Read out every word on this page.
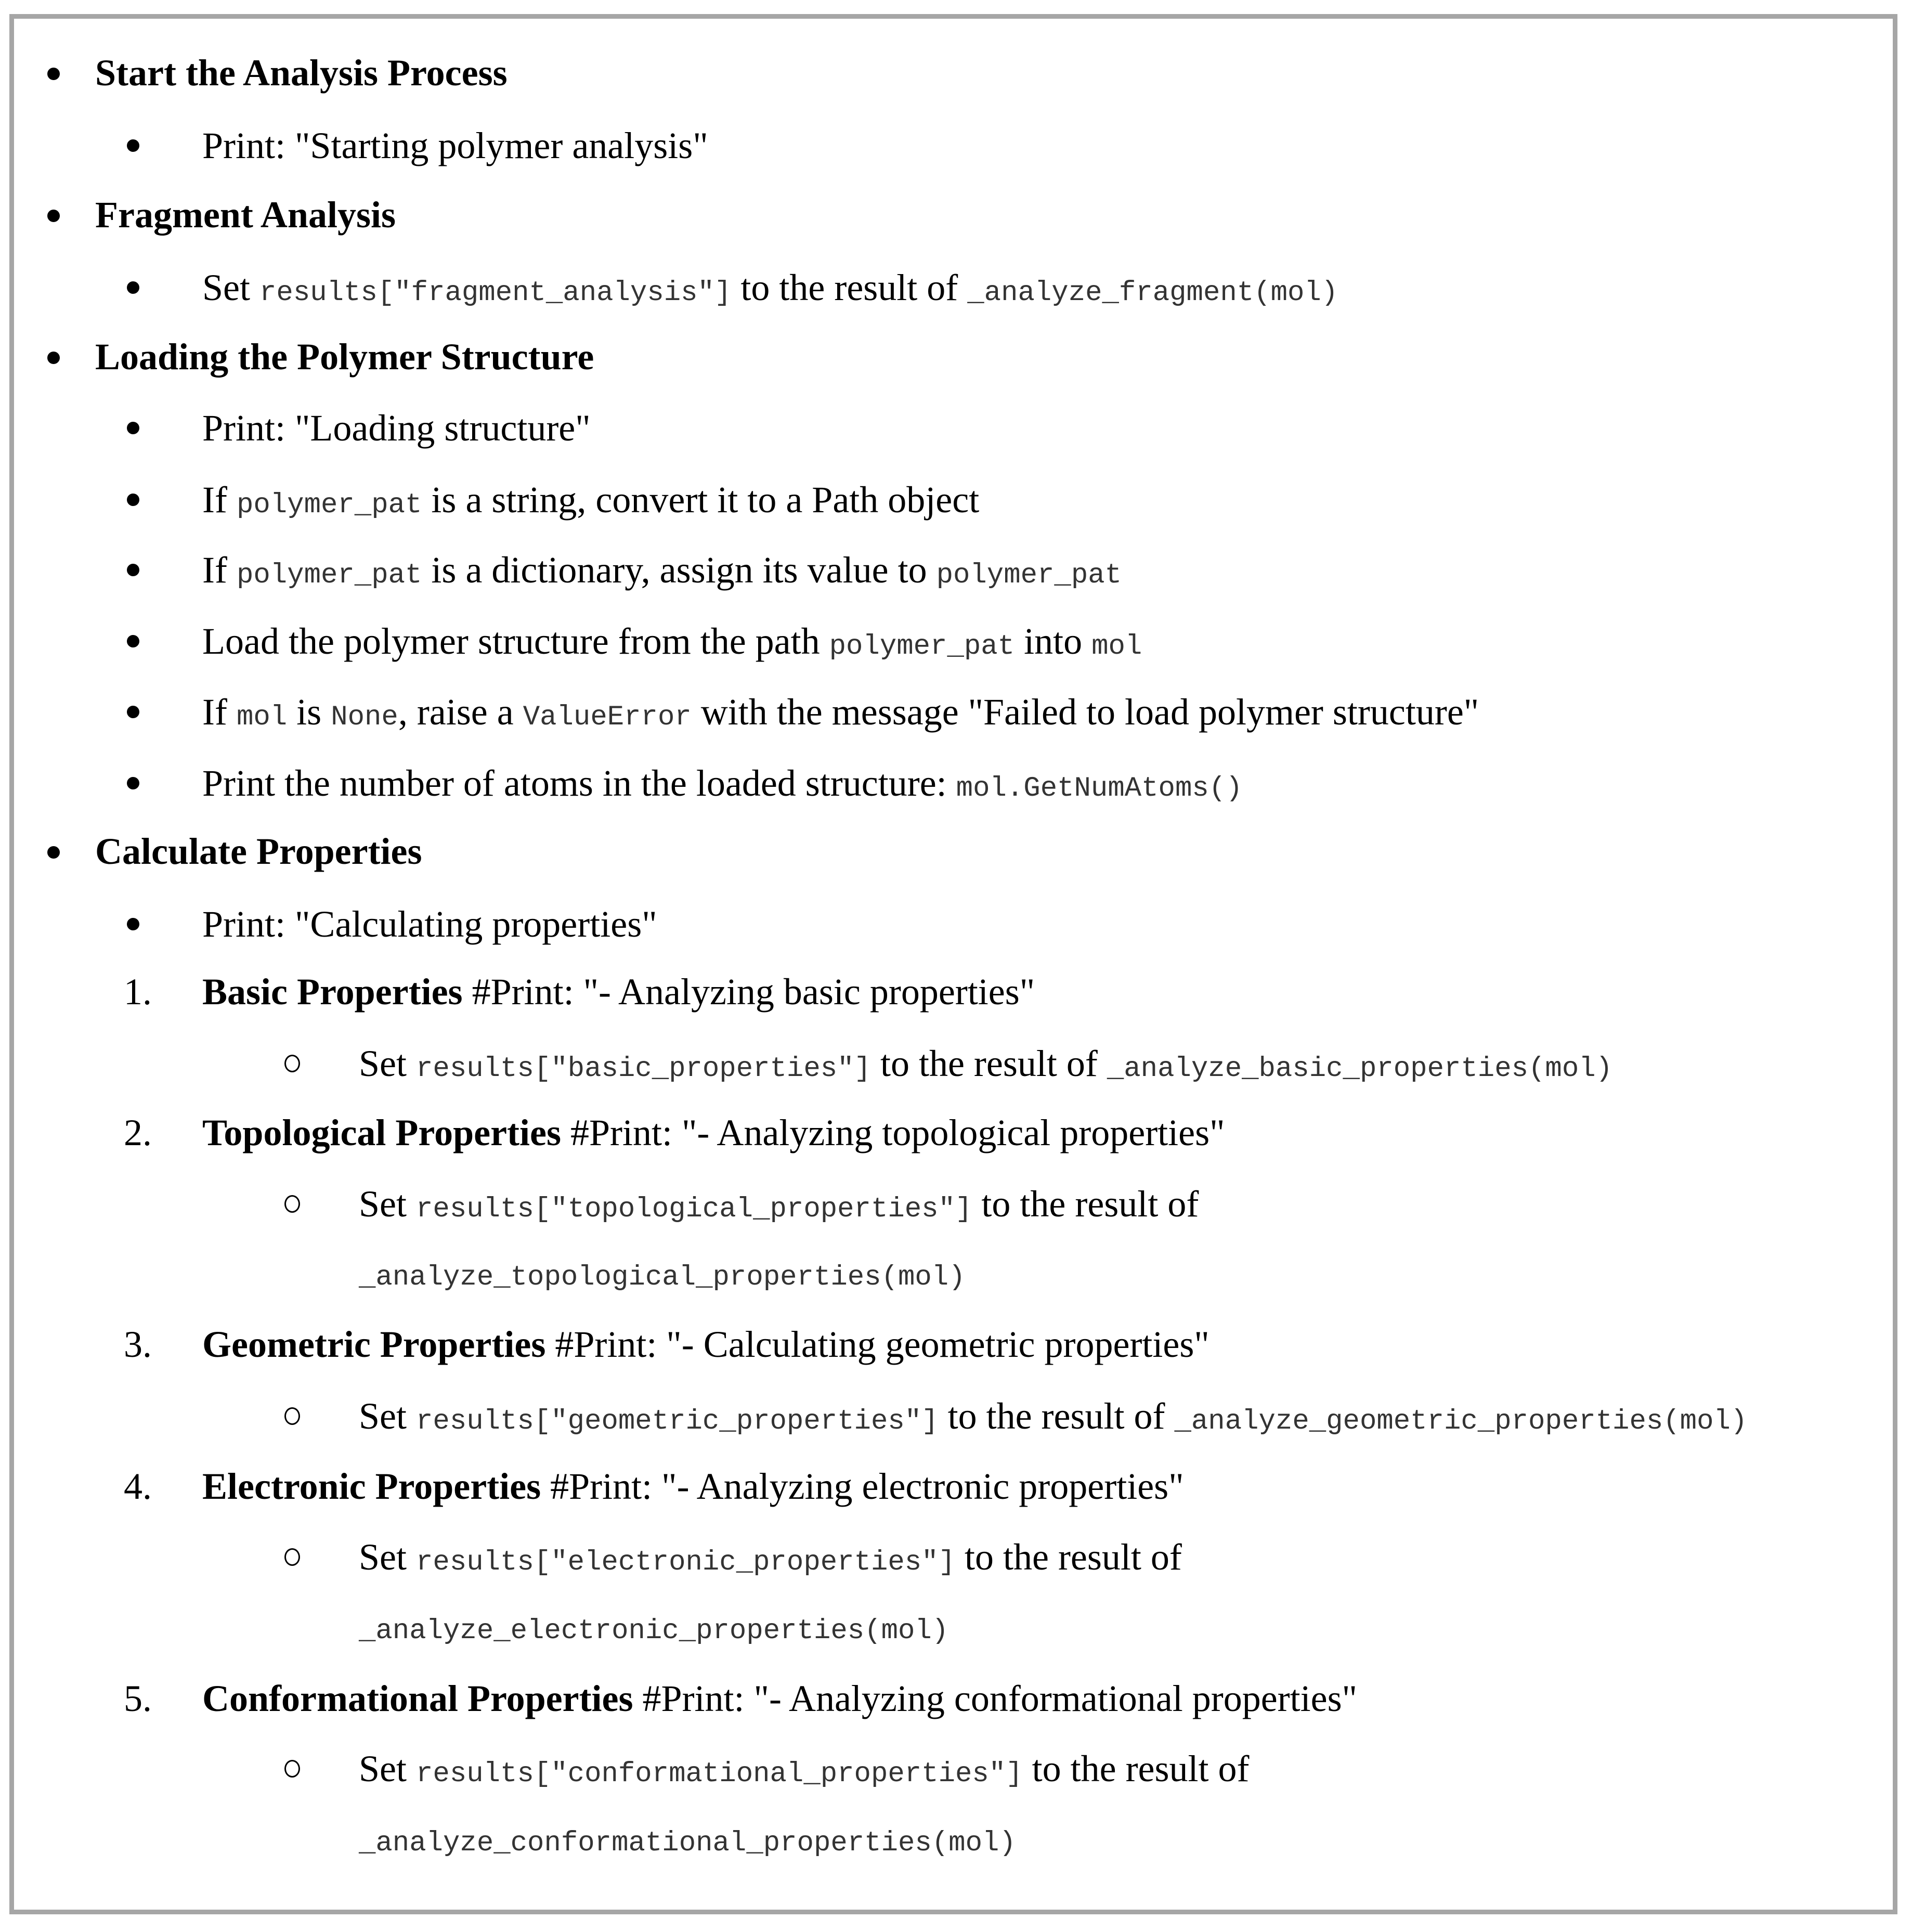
Start the Analysis Process
Print: "Starting polymer analysis"
Fragment Analysis
Set results["fragment_analysis"] to the result of _analyze_fragment(mol)
Loading the Polymer Structure
Print: "Loading structure"
If polymer_pat is a string, convert it to a Path object
If polymer_pat is a dictionary, assign its value to polymer_pat
Load the polymer structure from the path polymer_pat into mol
If mol is None, raise a ValueError with the message "Failed to load polymer structure"
Print the number of atoms in the loaded structure: mol.GetNumAtoms()
Calculate Properties
Print: "Calculating properties"
1. Basic Properties #Print: "- Analyzing basic properties"
Set results["basic_properties"] to the result of _analyze_basic_properties(mol)
2. Topological Properties #Print: "- Analyzing topological properties"
Set results["topological_properties"] to the result of
_analyze_topological_properties(mol)
3. Geometric Properties #Print: "- Calculating geometric properties"
Set results["geometric_properties"] to the result of _analyze_geometric_properties(mol)
4. Electronic Properties #Print: "- Analyzing electronic properties"
Set results["electronic_properties"] to the result of
_analyze_electronic_properties(mol)
5. Conformational Properties #Print: "- Analyzing conformational properties"
Set results["conformational_properties"] to the result of
_analyze_conformational_properties(mol)
